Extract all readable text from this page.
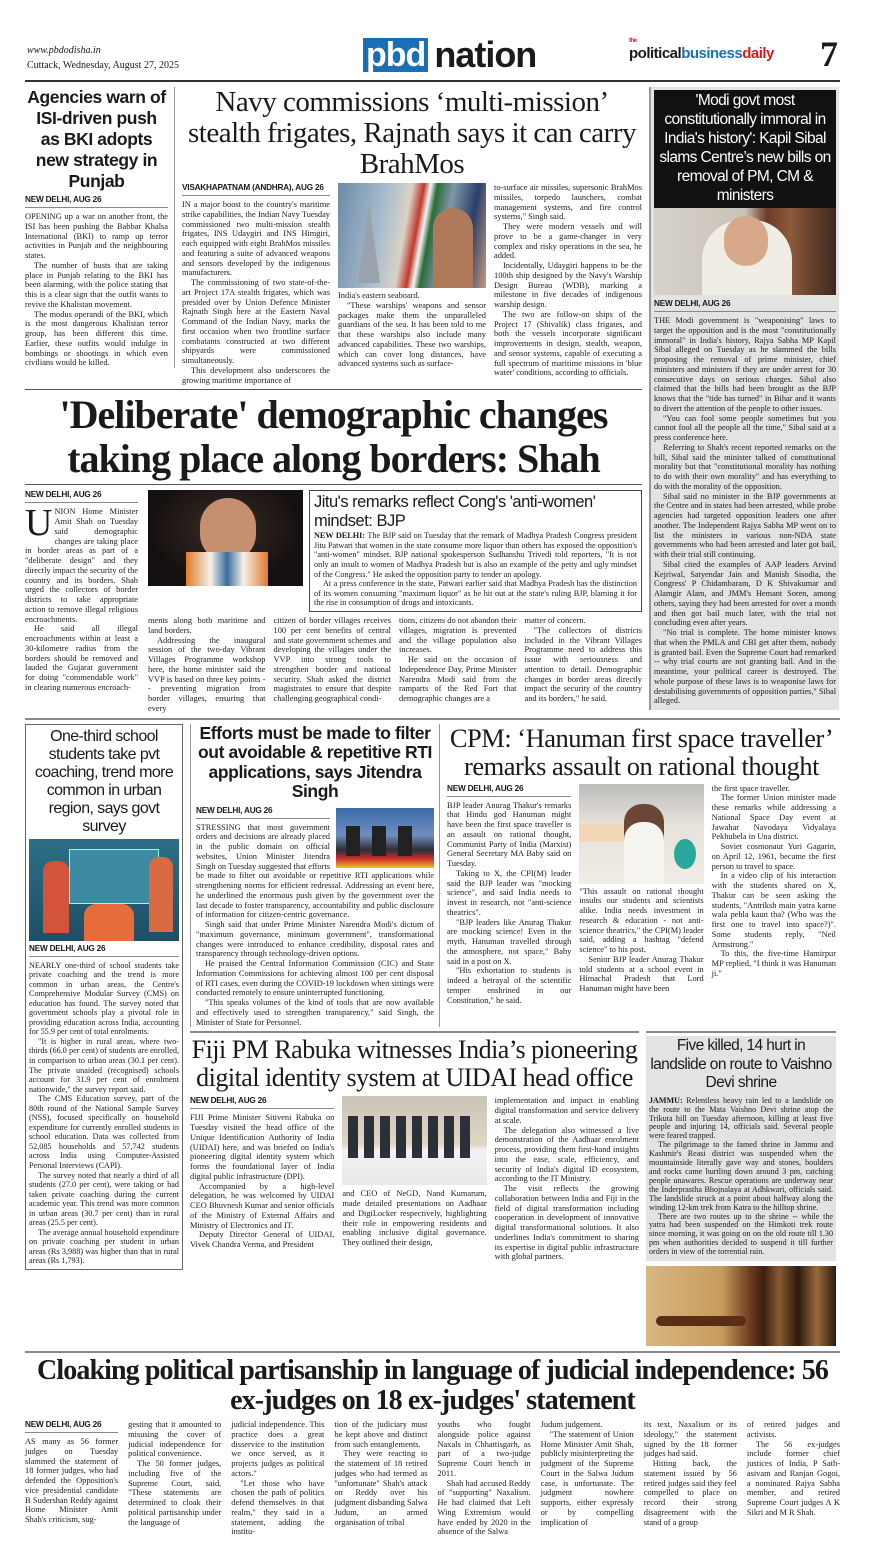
www.pbdodisha.in
Cuttack, Wednesday, August 27, 2025	pbd nation	the
politicalbusinessdaily 7
Agencies warn of ISI-driven push as BKI adopts new strategy in Punjab
NEW DELHI, AUG 26

OPENING up a war on another front, the ISI has been pushing the Babbar Khalsa International (BKI) to ramp up terror activities in Punjab and the neighbouring states.

The number of busts that are taking place in Punjab relating to the BKI has been alarming, with the police stating that this is a clear sign that the outfit wants to revive the Khalistan movement.

The modus operandi of the BKI, which is the most dangerous Khalistan terror group, has been different this time. Earlier, these outfits would indulge in bombings or shootings in which even civilians would be killed.

Navy commissions ‘multi-mission’ stealth frigates, Rajnath says it can carry BrahMos
VISAKHAPATNAM (ANDHRA), AUG 26

IN a major boost to the country's maritime strike capabilities, the Indian Navy Tuesday commissioned two multi-mission stealth frigates, INS Udaygiri and INS Himgiri, each equipped with eight BrahMos missiles and featuring a suite of advanced weapons and sensors developed by the indigenous manufacturers.

The commissioning of two state-of-the-art Project 17A stealth frigates, which was presided over by Union Defence Minister Rajnath Singh here at the Eastern Naval Command of the Indian Navy, marks the first occasion when two frontline surface combatants constructed at two different shipyards were commissioned simultaneously.

This development also underscores the growing maritime importance of

India's eastern seaboard.

"These warships' weapons and sensor packages make them the unparalleled guardians of the sea. It has been told to me that these warships also include many advanced capabilities. These two warships, which can cover long distances, have advanced systems such as surface-

to-surface air missiles, supersonic BrahMos missiles, torpedo launchers, combat management systems, and fire control systems," Singh said.

They were modern vessels and will prove to be a game-changer in very complex and risky operations in the sea, he added.

Incidentally, Udaygiri happens to be the 100th ship designed by the Navy's Warship Design Bureau (WDB), marking a milestone in five decades of indigenous warship design.

The two are follow-on ships of the Project 17 (Shivalik) class frigates, and both the vessels incorporate significant improvements in design, stealth, weapon, and sensor systems, capable of executing a full spectrum of maritime missions in 'blue water' conditions, according to officials.

'Modi govt most constitutionally immoral in India's history': Kapil Sibal slams Centre’s new bills on removal of PM, CM & ministers
NEW DELHI, AUG 26

THE Modi government is "weaponising" laws to target the opposition and is the most "constitutionally immoral" in India's history, Rajya Sabha MP Kapil Sibal alleged on Tuesday as he slammed the bills proposing the removal of prime minister, chief ministers and ministers if they are under arrest for 30 consecutive days on serious charges. Sibal also claimed that the bills had been brought as the BJP knows that the "tide has turned" in Bihar and it wants to divert the attention of the people to other issues.

"You can fool some people sometimes but you cannot fool all the people all the time," Sibal said at a press conference here.

Referring to Shah's recent reported remarks on the bill, Sibal said the minister talked of constitutional morality but that "constitutional morality has nothing to do with their own morality" and has everything to do with the morality of the opposition.

Sibal said no minister in the BJP governments at the Centre and in states had been arrested, while probe agencies had targeted opposition leaders one after another. The Independent Rajya Sabha MP went on to list the ministers in various non-NDA state governments who had been arrested and later got bail, with their trial still continuing.

Sibal cited the examples of AAP leaders Arvind Kejriwal, Satyendar Jain and Manish Sisodia, the Congress' P Chidambaram, D K Shivakumar and Alamgir Alam, and JMM's Hemant Soren, among others, saying they had been arrested for over a month and then got bail much later, with the trial not concluding even after years.

"No trial is complete. The home minister knows that when the PMLA and CBI get after them, nobody is granted bail. Even the Supreme Court had remarked -- why trial courts are not granting bail. And in the meantime, your political career is destroyed. The whole purpose of these laws is to weaponise laws for destabilising governments of opposition parties," Sibal alleged.

'Deliberate' demographic changes taking place along borders: Shah
NEW DELHI, AUG 26

UNION Home Minister Amit Shah on Tuesday said demographic changes are taking place in border areas as part of a "deliberate design" and they directly impact the security of the country and its borders. Shah urged the collectors of border districts to take appropriate action to remove illegal religious encroachments.

He said all illegal encroachments within at least a 30-kilometre radius from the borders should be removed and lauded the Gujarat government for doing "commendable work" in clearing numerous encroach-

Jitu's remarks reflect Cong's 'anti-women' mindset: BJP

NEW DELHI: The BJP said on Tuesday that the remark of Madhya Pradesh Congress president Jitu Patwari that women in the state consume more liquor than others has exposed the opposition's "anti-women" mindset. BJP national spokesperson Sudhanshu Trivedi told reporters, "It is not only an insult to women of Madhya Pradesh but is also an example of the petty and ugly mindset of the Congress." He asked the opposition party to tender an apology.

At a press conference in the state, Patwari earlier said that Madhya Pradesh has the distinction of its women consuming "maximum liquor" as he hit out at the state's ruling BJP, blaming it for the rise in consumption of drugs and intoxicants.

ments along both maritime and land borders.

Addressing the inaugural session of the two-day Vibrant Villages Programme workshop here, the home minister said the VVP is based on three key points -- preventing migration from border villages, ensuring that every

citizen of border villages receives 100 per cent benefits of central and state government schemes and developing the villages under the VVP into strong tools to strengthen border and national security. Shah asked the district magistrates to ensure that despite challenging geographical condi-

tions, citizens do not abandon their villages, migration is prevented and the village population also increases.

He said on the occasion of Independence Day, Prime Minister Narendra Modi said from the ramparts of the Red Fort that demographic changes are a

matter of concern.

"The collectors of districts included in the Vibrant Villages Programme need to address this issue with seriousness and attention to detail. Demographic changes in border areas directly impact the security of the country and its borders," he said.

One-third school students take pvt coaching, trend more common in urban region, says govt survey
NEW DELHI, AUG 26

NEARLY one-third of school students take private coaching and the trend is more common in urban areas, the Centre's Comprehensive Modular Survey (CMS) on education has found. The survey noted that government schools play a pivotal role in providing education across India, accounting for 55.9 per cent of total enrolments.

"It is higher in rural areas, where two-thirds (66.0 per cent) of students are enrolled, in comparison to urban areas (30.1 per cent). The private unaided (recognised) schools account for 31.9 per cent of enrolment nationwide," the survey report said.

The CMS Education survey, part of the 80th round of the National Sample Survey (NSS), focused specifically on household expenditure for currently enrolled students in school education. Data was collected from 52,085 households and 57,742 students across India using Computer-Assisted Personal Interviews (CAPI).

The survey noted that nearly a third of all students (27.0 per cent), were taking or had taken private coaching during the current academic year. This trend was more common in urban areas (30.7 per cent) than in rural areas (25.5 per cent).

The average annual household expenditure on private coaching per student in urban areas (Rs 3,988) was higher than that in rural areas (Rs 1,793).

Efforts must be made to filter out avoidable & repetitive RTI applications, says Jitendra Singh
NEW DELHI, AUG 26

STRESSING that most government orders and decisions are already placed in the public domain on official websites, Union Minister Jitendra Singh on Tuesday suggested that efforts be made to filter out avoidable or repetitive RTI applications while strengthening norms for efficient redressal. Addressing an event here, he underlined the enormous push given by the government over the last decade to foster transparency, accountability and public disclosure of information for citizen-centric governance.

Singh said that under Prime Minister Narendra Modi's dictum of "maximum governance, minimum government", transformational changes were introduced to enhance credibility, disposal rates and transparency through technology-driven options.

He praised the Central Information Commission (CIC) and State Information Commissions for achieving almost 100 per cent disposal of RTI cases, even during the COVID-19 lockdown when sittings were conducted remotely to ensure uninterrupted functioning.

"This speaks volumes of the kind of tools that are now available and effectively used to strengthen transparency," said Singh, the Minister of State for Personnel.

CPM: ‘Hanuman first space traveller’ remarks assault on rational thought
NEW DELHI, AUG 26

BJP leader Anurag Thakur's remarks that Hindu god Hanuman might have been the first space traveller is an assault on rational thought, Communist Party of India (Marxist) General Secretary MA Baby said on Tuesday.

Taking to X, the CPI(M) leader said the BJP leader was "mocking science", and said India needs to invest in research, not "anti-science theatrics".

"BJP leaders like Anurag Thakur are mocking science! Even in the myth, Hanuman travelled through the atmosphere, not space," Baby said in a post on X.

"His exhortation to students is indeed a betrayal of the scientific temper enshrined in our Constitution," he said.

"This assault on rational thought insults our students and scientists alike. India needs investment in research & education - not anti-science theatrics," the CPI(M) leader said, adding a hashtag "defend science" to his post.

Senior BJP leader Anurag Thakur told students at a school event in Himachal Pradesh that Lord Hanuman might have been

the first space traveller.

The former Union minister made these remarks while addressing a National Space Day event at Jawahar Navodaya Vidyalaya Pekhubela in Una district.

Soviet cosmonaut Yuri Gagarin, on April 12, 1961, became the first person to travel to space.

In a video clip of his interaction with the students shared on X, Thakur can be seen asking the students, "Antriksh main yatra karne wala pehla kaun tha? (Who was the first one to travel into space?)". Some students reply, "Neil Armstrong."

To this, the five-time Hamirpur MP replied, "I think it was Hanuman ji."

Fiji PM Rabuka witnesses India’s pioneering digital identity system at UIDAI head office
NEW DELHI, AUG 26

FIJI Prime Minister Sitiveni Rabuka on Tuesday visited the head office of the Unique Identification Authority of India (UIDAI) here, and was briefed on India's pioneering digital identity system which forms the foundational layer of India digital public infrastructure (DPI).

Accompanied by a high-level delegation, he was welcomed by UIDAI CEO Bhuvnesh Kumar and senior officials of the Ministry of External Affairs and Ministry of Electronics and IT.

Deputy Director General of UIDAI, Vivek Chandra Verma, and President

and CEO of NeGD, Nand Kumarum, made detailed presentations on Aadhaar and DigiLocker respectively, highlighting their role in empowering residents and enabling inclusive digital governance. They outlined their design,

implementation and impact in enabling digital transformation and service delivery at scale.

The delegation also witnessed a live demonstration of the Aadhaar enrolment process, providing them first-hand insights into the ease, scale, efficiency, and security of India's digital ID ecosystem, according to the IT Ministry.

The visit reflects the growing collaboration between India and Fiji in the field of digital transformation including cooperation in development of innovative digital transformational solutions. It also underlines India's commitment to sharing its expertise in digital public infrastructure with global partners.

Five killed, 14 hurt in landslide on route to Vaishno Devi shrine

JAMMU: Relentless heavy rain led to a landslide on the route to the Mata Vaishno Devi shrine atop the Trikuta hill on Tuesday afternoon, killing at least five people and injuring 14, officials said. Several people were feared trapped.

The pilgrimage to the famed shrine in Jammu and Kashmir's Reasi district was suspended when the mountainside literally gave way and stones, boulders and rocks came hurtling down around 3 pm, catching people unawares. Rescue operations are underway near the Inderprastha Bhojnalaya at Adhkwari, officials said. The landslide struck at a point about halfway along the winding 12-km trek from Katra to the hilltop shrine.

There are two routes up to the shrine -- while the yatra had been suspended on the Himkoti trek route since morning, it was going on on the old route till 1.30 pm when authorities decided to suspend it till further orders in view of the torrential rain.

Cloaking political partisanship in language of judicial independence: 56 ex-judges on 18 ex-judges' statement
NEW DELHI, AUG 26

AS many as 56 former judges on Tuesday slammed the statement of 18 former judges, who had defended the Opposition's vice presidential candidate B Sudershan Reddy against Home Minister Amit Shah's criticism, sug-

gesting that it amounted to misusing the cover of judicial independence for political convenience.

The 50 former judges, including five of the Supreme Court, said, "These statements are determined to cloak their political partisanship under the language of

judicial independence. This practice does a great disservice to the institution we once served, as it projects judges as political actors."

"Let those who have chosen the path of politics defend themselves in that realm," they said in a statement, adding the institu-

tion of the judiciary must be kept above and distinct from such entanglements.

They were reacting to the statement of 18 retired judges who had termed as "unfortunate" Shah's attack on Reddy over his judgment disbanding Salwa Judum, an armed organisation of tribal

youths who fought alongside police against Naxals in Chhattisgarh, as part of a two-judge Supreme Court bench in 2011.

Shah had accused Reddy of "supporting" Naxalism. He had claimed that Left Wing Extremism would have ended by 2020 in the absence of the Salwa

Judum judgement.

"The statement of Union Home Minister Amit Shah, publicly misinterpreting the judgment of the Supreme Court in the Salwa Judum case, is unfortunate. The judgment nowhere supports, either expressly or by compelling implication of

its text, Naxalism or its ideology," the statement signed by the 18 former judges had said.

Hitting back, the statement issued by 56 retired judges said they feel compelled to place on record their strong disagreement with the stand of a group

of retired judges and activists.

The 56 ex-judges include former chief justices of India, P Sath-asivam and Ranjan Gogoi, a nominated Rajya Sabha member, and retired Supreme Court judges A K Sikri and M R Shah.
